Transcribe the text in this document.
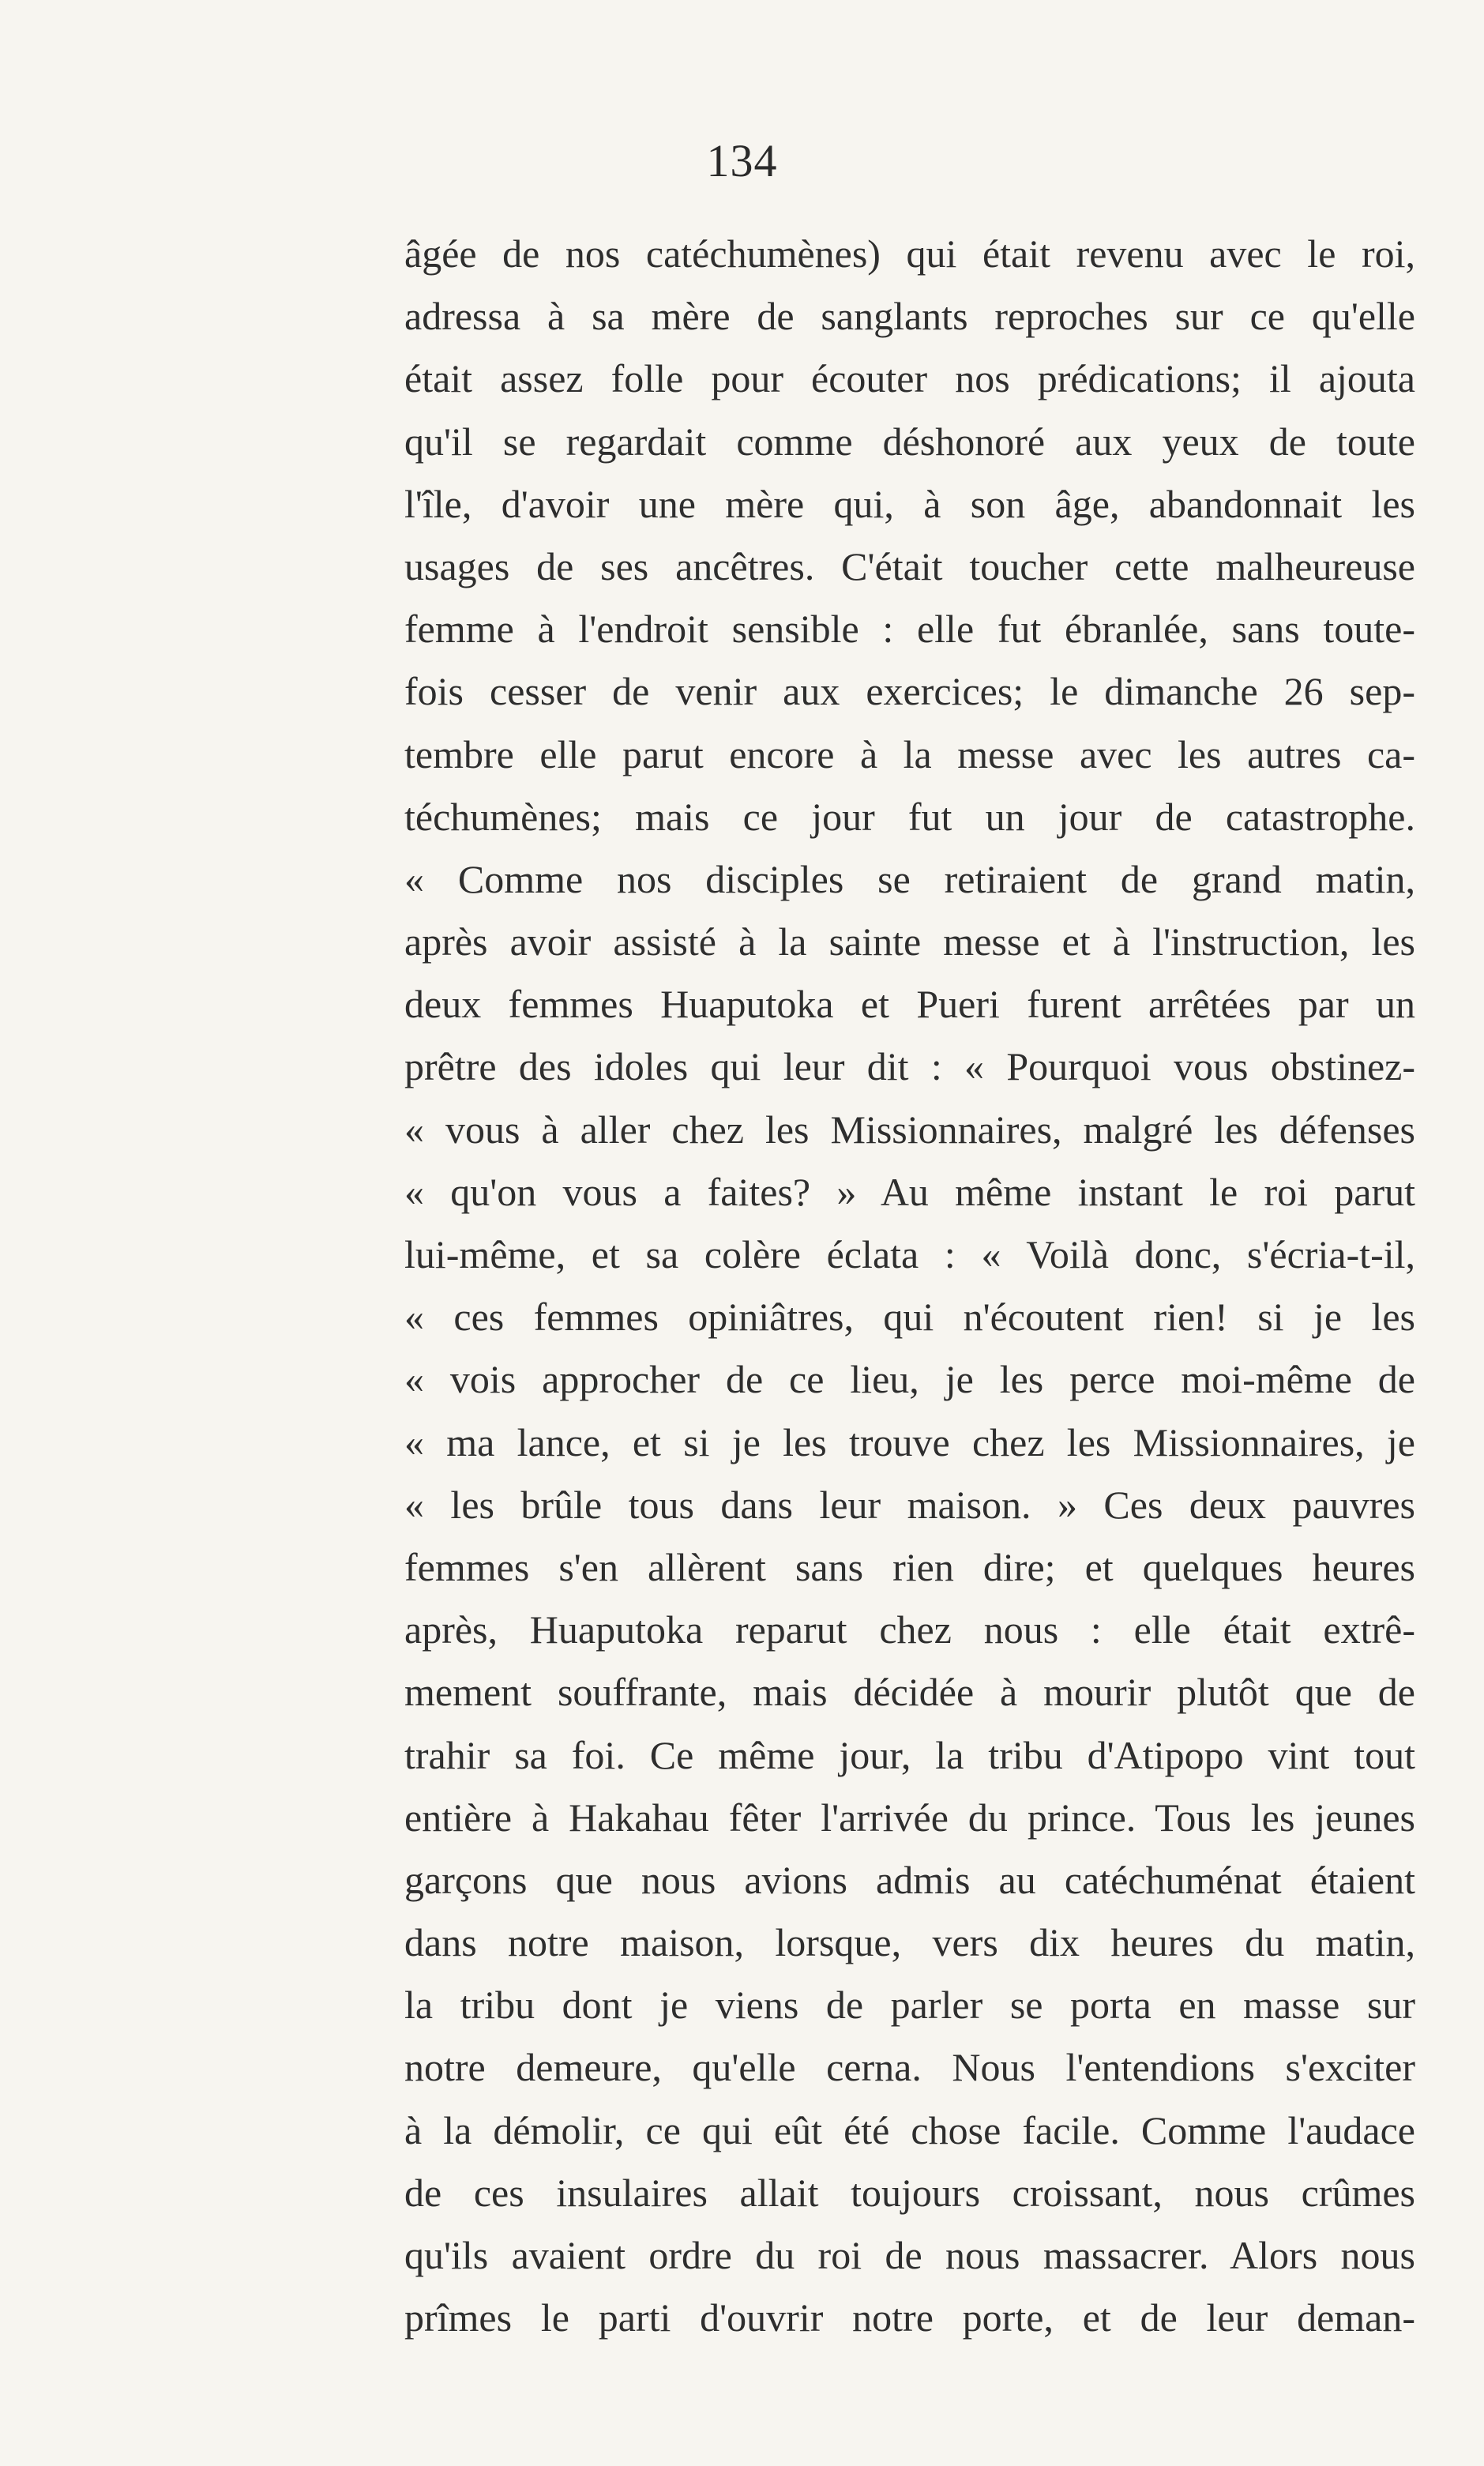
134
âgée de nos catéchumènes) qui était revenu avec le roi,
adressa à sa mère de sanglants reproches sur ce qu'elle
était assez folle pour écouter nos prédications; il ajouta
qu'il se regardait comme déshonoré aux yeux de toute
l'île, d'avoir une mère qui, à son âge, abandonnait les
usages de ses ancêtres. C'était toucher cette malheureuse
femme à l'endroit sensible : elle fut ébranlée, sans toute-
fois cesser de venir aux exercices; le dimanche 26 sep-
tembre elle parut encore à la messe avec les autres ca-
téchumènes; mais ce jour fut un jour de catastrophe.
« Comme nos disciples se retiraient de grand matin,
après avoir assisté à la sainte messe et à l'instruction, les
deux femmes Huaputoka et Pueri furent arrêtées par un
prêtre des idoles qui leur dit : « Pourquoi vous obstinez-
« vous à aller chez les Missionnaires, malgré les défenses
« qu'on vous a faites? » Au même instant le roi parut
lui-même, et sa colère éclata : « Voilà donc, s'écria-t-il,
« ces femmes opiniâtres, qui n'écoutent rien! si je les
« vois approcher de ce lieu, je les perce moi-même de
« ma lance, et si je les trouve chez les Missionnaires, je
« les brûle tous dans leur maison. » Ces deux pauvres
femmes s'en allèrent sans rien dire; et quelques heures
après, Huaputoka reparut chez nous : elle était extrê-
mement souffrante, mais décidée à mourir plutôt que de
trahir sa foi. Ce même jour, la tribu d'Atipopo vint tout
entière à Hakahau fêter l'arrivée du prince. Tous les jeunes
garçons que nous avions admis au catéchuménat étaient
dans notre maison, lorsque, vers dix heures du matin,
la tribu dont je viens de parler se porta en masse sur
notre demeure, qu'elle cerna. Nous l'entendions s'exciter
à la démolir, ce qui eût été chose facile. Comme l'audace
de ces insulaires allait toujours croissant, nous crûmes
qu'ils avaient ordre du roi de nous massacrer. Alors nous
prîmes le parti d'ouvrir notre porte, et de leur deman-
